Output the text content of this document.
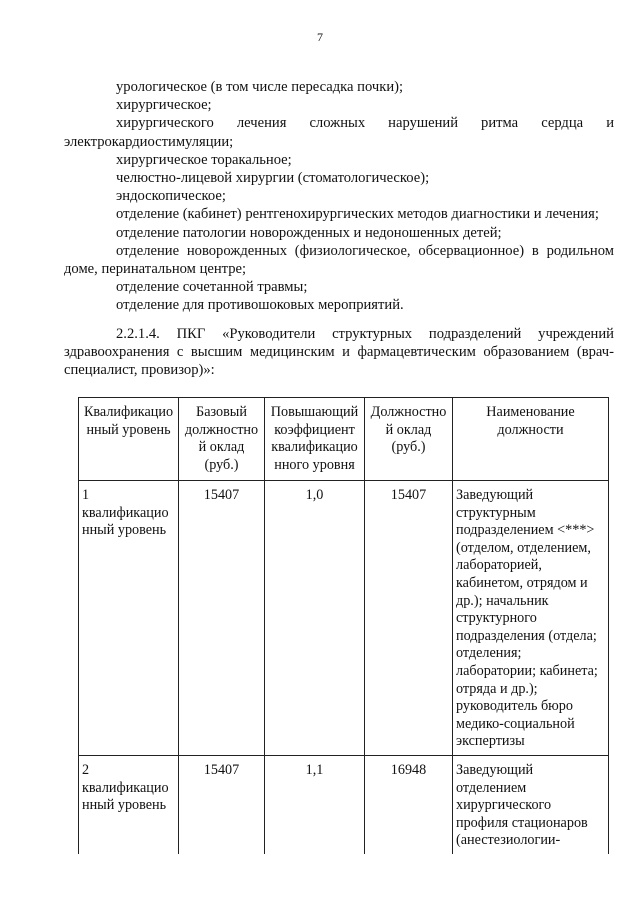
7

урологическое (в том числе пересадка почки);

хирургическое;

хирургического лечения сложных нарушений ритма сердца и электрокардиостимуляции;

хирургическое торакальное;

челюстно-лицевой хирургии (стоматологическое);

эндоскопическое;

отделение (кабинет) рентгенохирургических методов диагностики и лечения;

отделение патологии новорожденных и недоношенных детей;

отделение новорожденных (физиологическое, обсервационное) в родильном доме, перинатальном центре;

отделение сочетанной травмы;

отделение для противошоковых мероприятий.

2.2.1.4. ПКГ «Руководители структурных подразделений учреждений здравоохранения с высшим медицинским и фармацевтическим образованием (врач-специалист, провизор)»:

Квалификацио нный уровень	Базовый должностно й оклад (руб.)	Повышающий коэффициент квалификацио нного уровня	Должностно й оклад (руб.)	Наименование должности
1 квалификацио нный уровень	15407	1,0	15407	Заведующий структурным подразделением <***> (отделом, отделением, лабораторией, кабинетом, отрядом и др.); начальник структурного подразделения (отдела; отделения; лаборатории; кабинета; отряда и др.); руководитель бюро медико-социальной экспертизы
2 квалификацио нный уровень	15407	1,1	16948	Заведующий отделением хирургического профиля стационаров (анестезиологии-
